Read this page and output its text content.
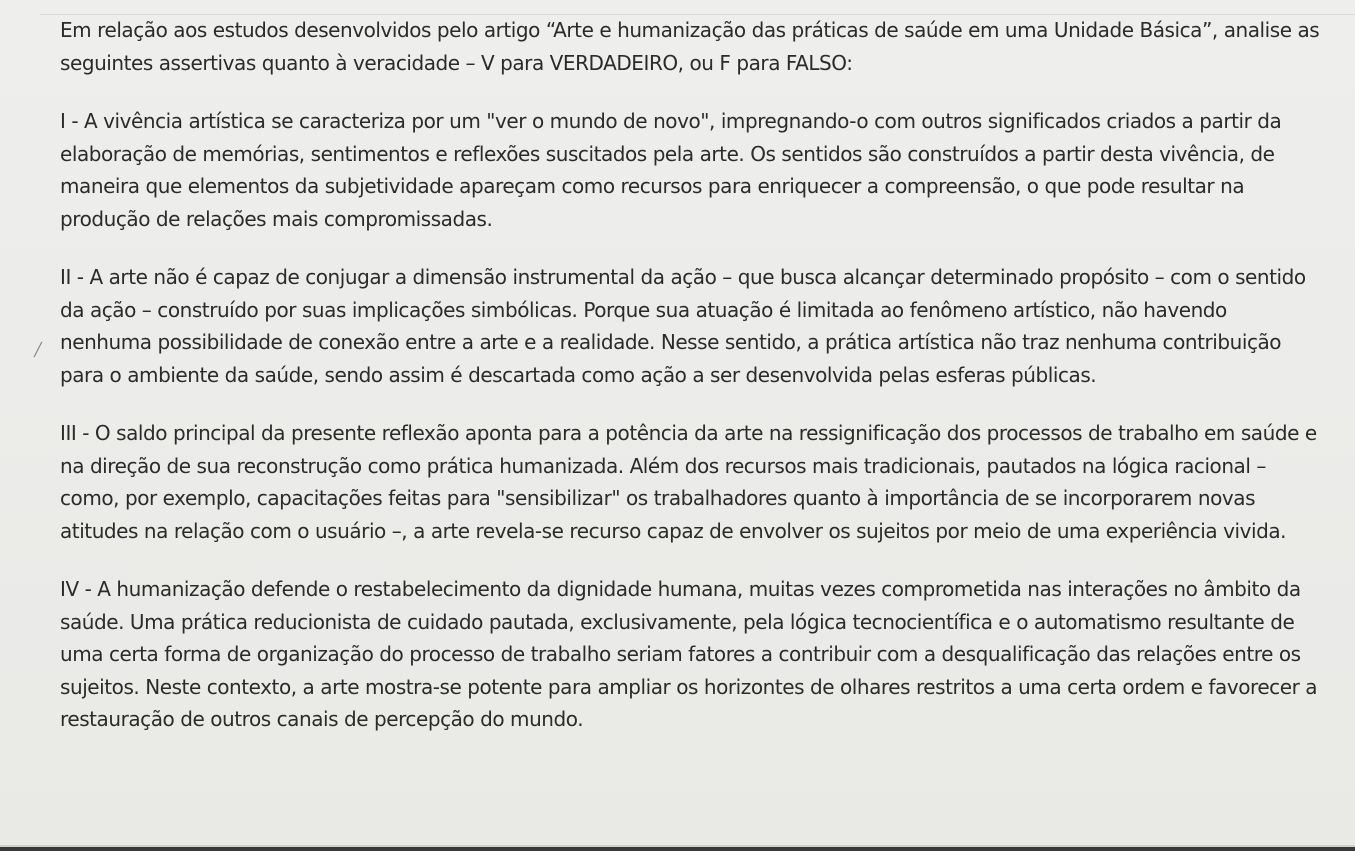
╱

Em relação aos estudos desenvolvidos pelo artigo “Arte e humanização das práticas de saúde em uma Unidade Básica”, analise as
seguintes assertivas quanto à veracidade – V para VERDADEIRO, ou F para FALSO:

I - A vivência artística se caracteriza por um "ver o mundo de novo", impregnando-o com outros significados criados a partir da
elaboração de memórias, sentimentos e reflexões suscitados pela arte. Os sentidos são construídos a partir desta vivência, de
maneira que elementos da subjetividade apareçam como recursos para enriquecer a compreensão, o que pode resultar na
produção de relações mais compromissadas.

II - A arte não é capaz de conjugar a dimensão instrumental da ação – que busca alcançar determinado propósito – com o sentido
da ação – construído por suas implicações simbólicas. Porque sua atuação é limitada ao fenômeno artístico, não havendo
nenhuma possibilidade de conexão entre a arte e a realidade. Nesse sentido, a prática artística não traz nenhuma contribuição
para o ambiente da saúde, sendo assim é descartada como ação a ser desenvolvida pelas esferas públicas.

III - O saldo principal da presente reflexão aponta para a potência da arte na ressignificação dos processos de trabalho em saúde e
na direção de sua reconstrução como prática humanizada. Além dos recursos mais tradicionais, pautados na lógica racional –
como, por exemplo, capacitações feitas para "sensibilizar" os trabalhadores quanto à importância de se incorporarem novas
atitudes na relação com o usuário –, a arte revela-se recurso capaz de envolver os sujeitos por meio de uma experiência vivida.

IV - A humanização defende o restabelecimento da dignidade humana, muitas vezes comprometida nas interações no âmbito da
saúde. Uma prática reducionista de cuidado pautada, exclusivamente, pela lógica tecnocientífica e o automatismo resultante de
uma certa forma de organização do processo de trabalho seriam fatores a contribuir com a desqualificação das relações entre os
sujeitos. Neste contexto, a arte mostra-se potente para ampliar os horizontes de olhares restritos a uma certa ordem e favorecer a
restauração de outros canais de percepção do mundo.
